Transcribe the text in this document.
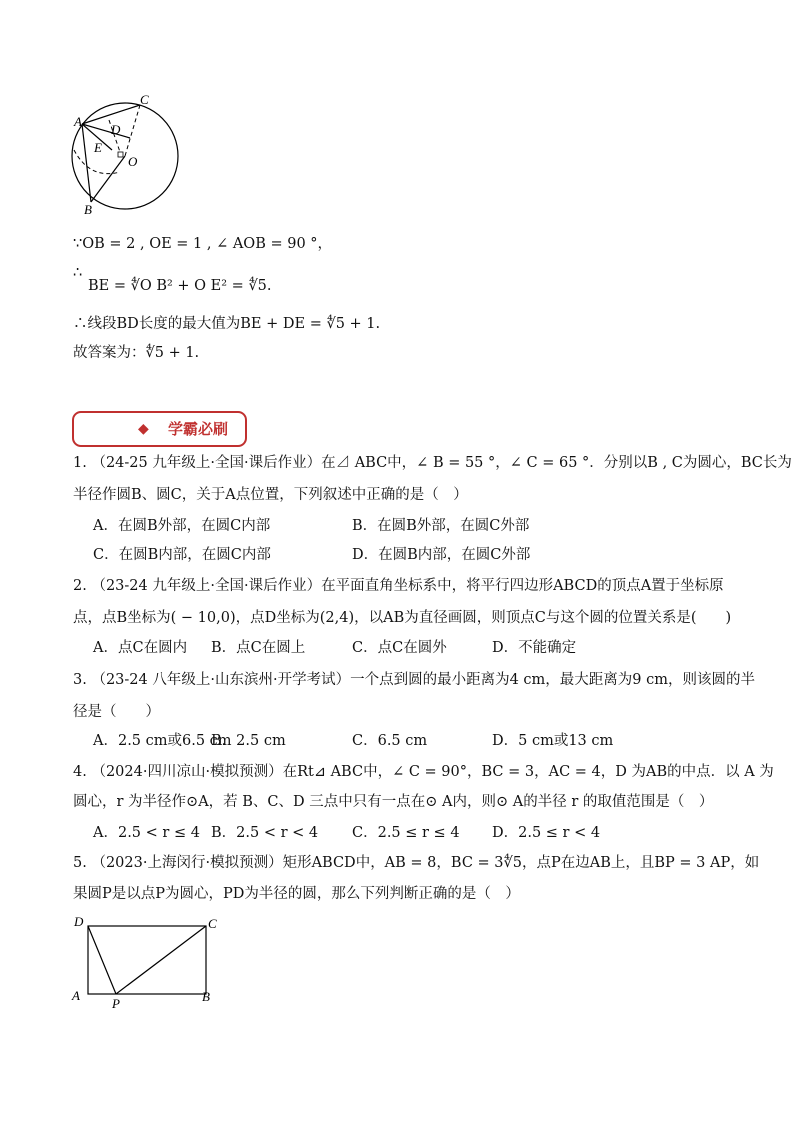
A
C
D
E
O
B
∵OB = 2 , OE = 1 , ∠ AOB = 90 °，
∴
BE = ∜O B² + O E² = ∜5.
∴线段BD长度的最大值为BE + DE = ∜5 + 1.
故答案为：∜5 + 1.
◆ 学霸必刷
1. （24-25 九年级上·全国·课后作业）在⊿ ABC中，∠ B = 55 °，∠ C = 65 °．分别以B , C为圆心，BC长为
半径作圆B、圆C，关于A点位置，下列叙述中正确的是（　）
A．在圆B外部，在圆C内部	B．在圆B外部，在圆C外部
C．在圆B内部，在圆C内部	D．在圆B内部，在圆C外部
2. （23-24 九年级上·全国·课后作业）在平面直角坐标系中，将平行四边形ABCD的顶点A置于坐标原
点，点B坐标为( − 10,0)，点D坐标为(2,4)，以AB为直径画圆，则顶点C与这个圆的位置关系是(　　)
A．点C在圆内 B．点C在圆上	C．点C在圆外	D．不能确定
3. （23-24 八年级上·山东滨州·开学考试）一个点到圆的最小距离为4 cm，最大距离为9 cm，则该圆的半
径是（　　）
A．2.5 cm或6.5 cm
B．2.5 cm	C．6.5 cm	D．5 cm或13 cm
4. （2024·四川凉山·模拟预测）在Rt⊿ ABC中，∠ C = 90°，BC = 3，AC = 4，D 为AB的中点．以 A 为
圆心，r 为半径作⊙A，若 B、C、D 三点中只有一点在⊙ A内，则⊙ A的半径 r 的取值范围是（　）
A．2.5 < r ≤ 4 B．2.5 < r < 4 C．2.5 ≤ r ≤ 4 D．2.5 ≤ r < 4
5. （2023·上海闵行·模拟预测）矩形ABCD中，AB = 8，BC = 3∜5，点P在边AB上，且BP = 3 AP，如
果圆P是以点P为圆心，PD为半径的圆，那么下列判断正确的是（　）
D	C
A
P	B
